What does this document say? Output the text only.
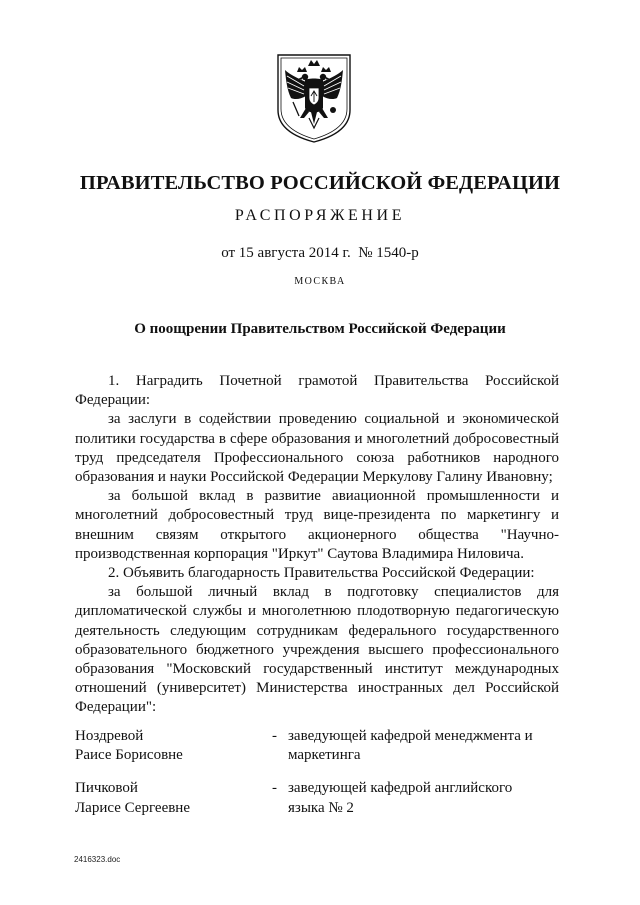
ПРАВИТЕЛЬСТВО РОССИЙСКОЙ ФЕДЕРАЦИИ
РАСПОРЯЖЕНИЕ
от 15 августа 2014 г. № 1540-р
МОСКВА
О поощрении Правительством Российской Федерации

1. Наградить Почетной грамотой Правительства Российской Федерации:

за заслуги в содействии проведению социальной и экономической политики государства в сфере образования и многолетний добросовестный труд председателя Профессионального союза работников народного образования и науки Российской Федерации Меркулову Галину Ивановну;

за большой вклад в развитие авиационной промышленности и многолетний добросовестный труд вице-президента по маркетингу и внешним связям открытого акционерного общества "Научно-производственная корпорация "Иркут" Саутова Владимира Ниловича.

2. Объявить благодарность Правительства Российской Федерации:

за большой личный вклад в подготовку специалистов для дипломатической службы и многолетнюю плодотворную педагогическую деятельность следующим сотрудникам федерального государственного образовательного бюджетного учреждения высшего профессионального образования "Московский государственный институт международных отношений (университет) Министерства иностранных дел Российской Федерации":

Ноздревой
Раисе Борисовне
- заведующей кафедрой менеджмента и
маркетинга
Пичковой
Ларисе Сергеевне
- заведующей кафедрой английского
языка № 2
2416323.doc
